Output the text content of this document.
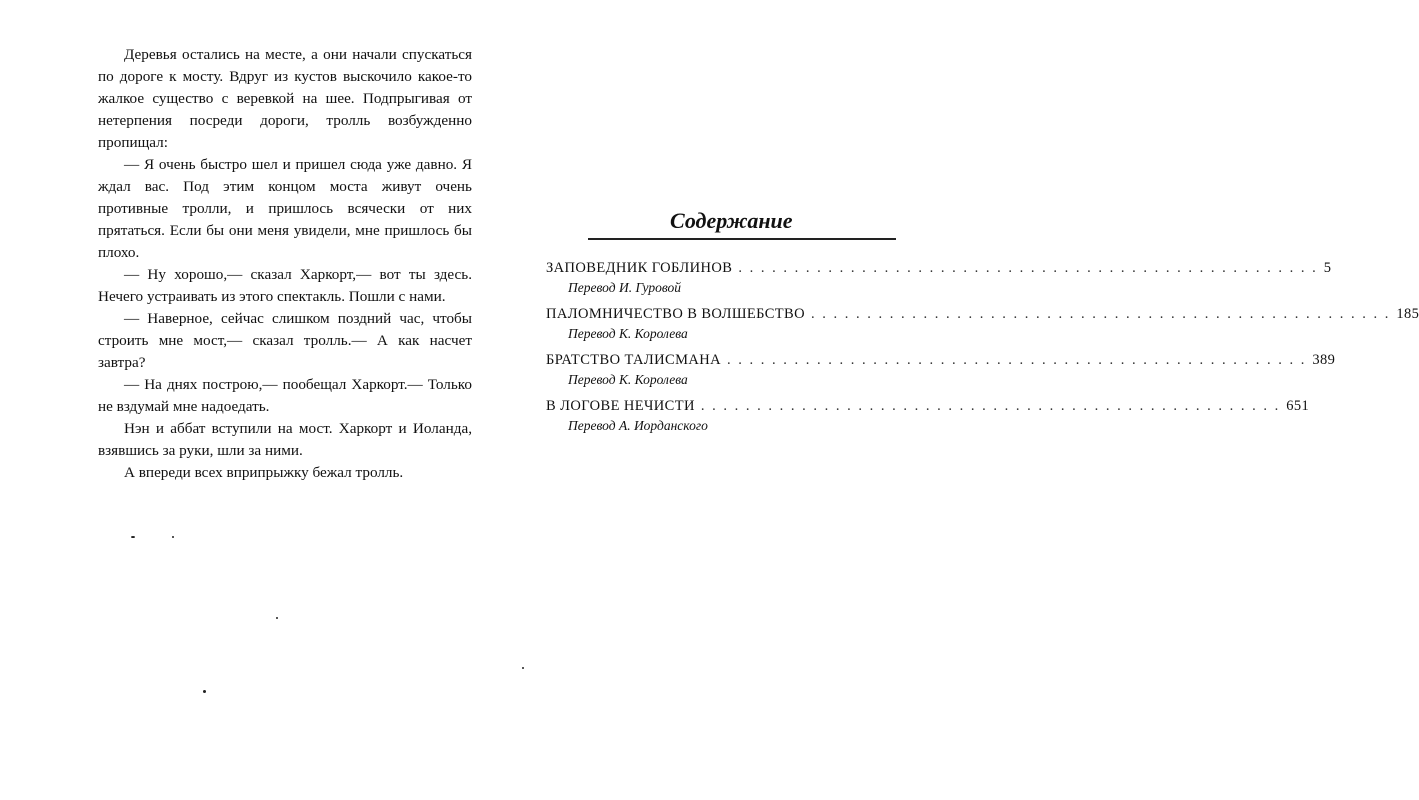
Деревья остались на месте, а они начали спускаться по дороге к мосту. Вдруг из кустов выскочило какое-то жалкое существо с веревкой на шее. Подпрыгивая от нетерпения посреди дороги, тролль возбужденно пропищал:

— Я очень быстро шел и пришел сюда уже давно. Я ждал вас. Под этим концом моста живут очень противные тролли, и пришлось всячески от них прятаться. Если бы они меня увидели, мне пришлось бы плохо.

— Ну хорошо,— сказал Харкорт,— вот ты здесь. Нечего устраивать из этого спектакль. Пошли с нами.

— Наверное, сейчас слишком поздний час, чтобы строить мне мост,— сказал тролль.— А как насчет завтра?

— На днях построю,— пообещал Харкорт.— Только не вздумай мне надоедать.

Нэн и аббат вступили на мост. Харкорт и Иоланда, взявшись за руки, шли за ними.

А впереди всех вприпрыжку бежал тролль.

Содержание
ЗАПОВЕДНИК ГОБЛИНОВ . . . . . . . . . . . . . . . . . . . . . . . . . . . . . . . . . . . . . . . . . . . . . . . . . . . . 5
Перевод И. Гуровой
ПАЛОМНИЧЕСТВО В ВОЛШЕБСТВО . . . . . . . . . . . . . . . . . . . . . . . . . . . . . . . . . . . . . . . . . . . . . . . . . . . . 185
Перевод К. Королева
БРАТСТВО ТАЛИСМАНА . . . . . . . . . . . . . . . . . . . . . . . . . . . . . . . . . . . . . . . . . . . . . . . . . . . . 389
Перевод К. Королева
В ЛОГОВЕ НЕЧИСТИ . . . . . . . . . . . . . . . . . . . . . . . . . . . . . . . . . . . . . . . . . . . . . . . . . . . . 651
Перевод А. Иорданского
